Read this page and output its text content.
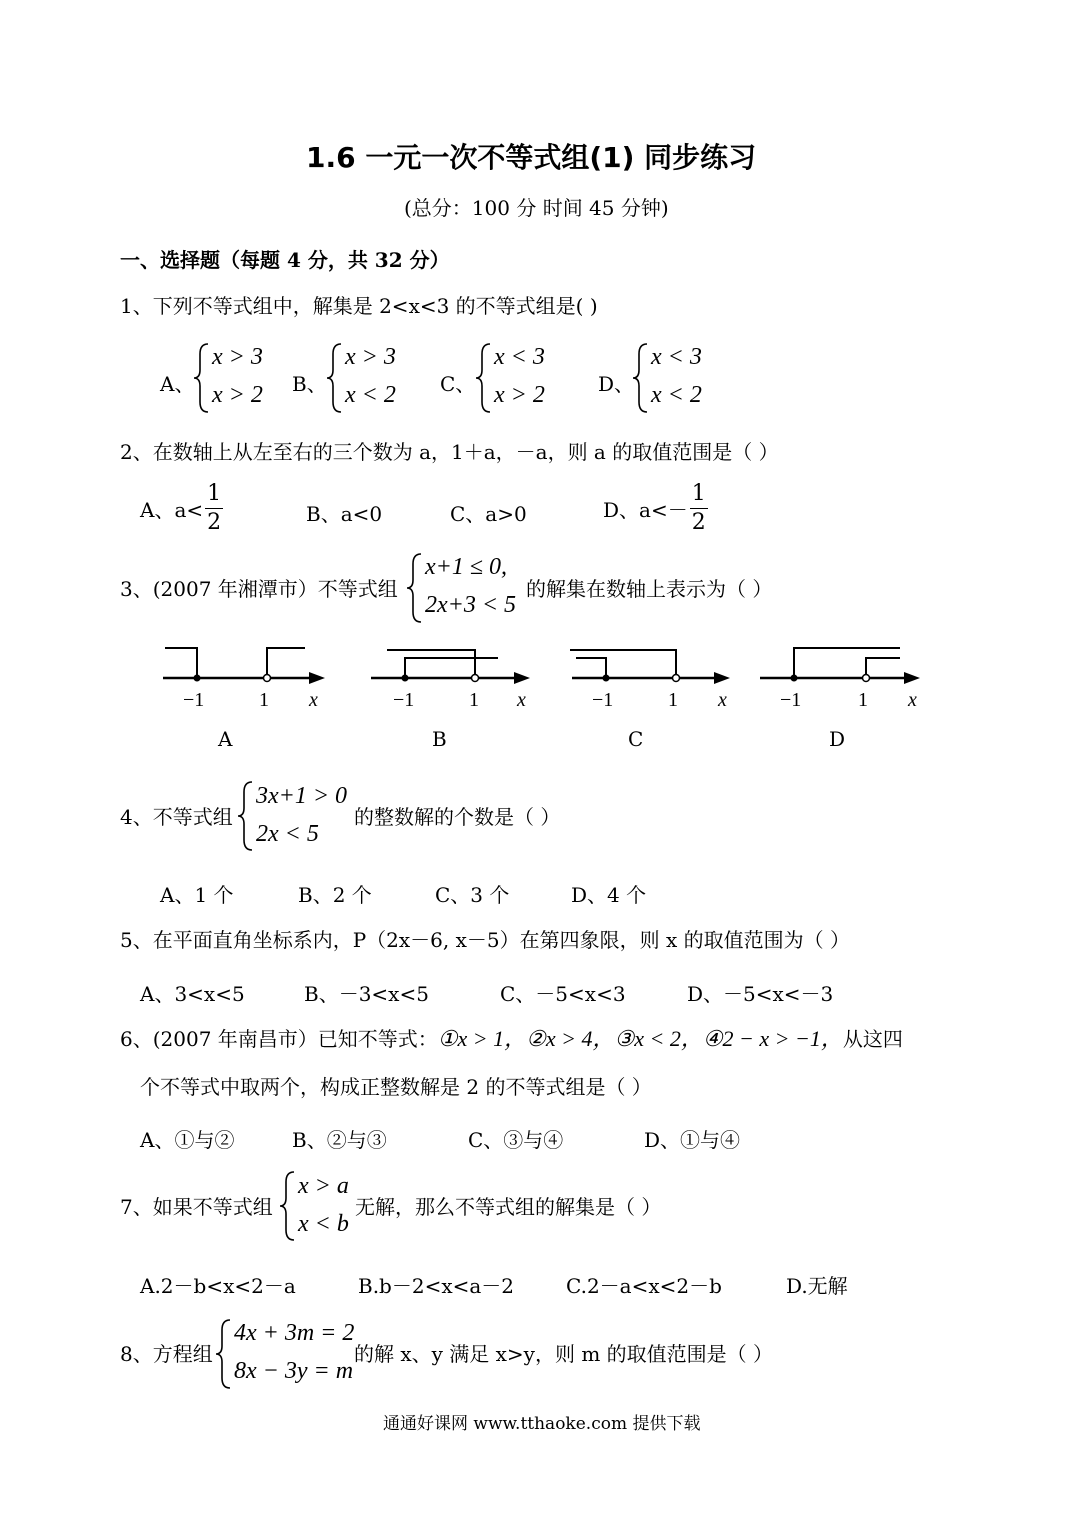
1.6 一元一次不等式组(1) 同步练习
(总分：100 分 时间 45 分钟)
一、选择题（每题 4 分，共 32 分）
1、下列不等式组中，解集是 2<x<3 的不等式组是( )
A、
x > 3
x > 2 B、
x > 3
x < 2 C、
x < 3
x > 2	D、
x < 3
x < 2
2、在数轴上从左至右的三个数为 a，1＋a，－a，则 a 的取值范围是（ ）
A、$a< \frac{1}{2}$	B、a<0	C、a>0	D、$a<- \frac{1}{2}$
3、(2007 年湘潭市）不等式组
x+1 ≤ 0,
2x+3 < 5
的解集在数轴上表示为（ ）
−1	1 x
A
−1	1 x
B
−1	1 x
C
−1	1 x
D
4、不等式组
3x+1 > 0
2x < 5
的整数解的个数是（ ）
A、1 个	B、2 个	C、3 个	D、4 个
5、在平面直角坐标系内，P（2x－6, x－5）在第四象限，则 x 的取值范围为（ ）
A、3<x<5	B、－3<x<5	C、－5<x<3	D、－5<x<－3
6、(2007 年南昌市）已知不等式： ①x > 1， ②x > 4， ③x < 2， ④2 − x > −1， 从这四
个不等式中取两个，构成正整数解是 2 的不等式组是（ ）
A、①与②	B、②与③	C、③与④	D、①与④
7、如果不等式组
x > a
x < b
无解，那么不等式组的解集是（ ）
A.2－b<x<2－a	B.b－2<x<a－2	C.2－a<x<2－b	D.无解
8、方程组
4x + 3m = 2
8x − 3y = m
的解 x、y 满足 x>y，则 m 的取值范围是（ ）
通通好课网 www.tthaoke.com 提供下载
